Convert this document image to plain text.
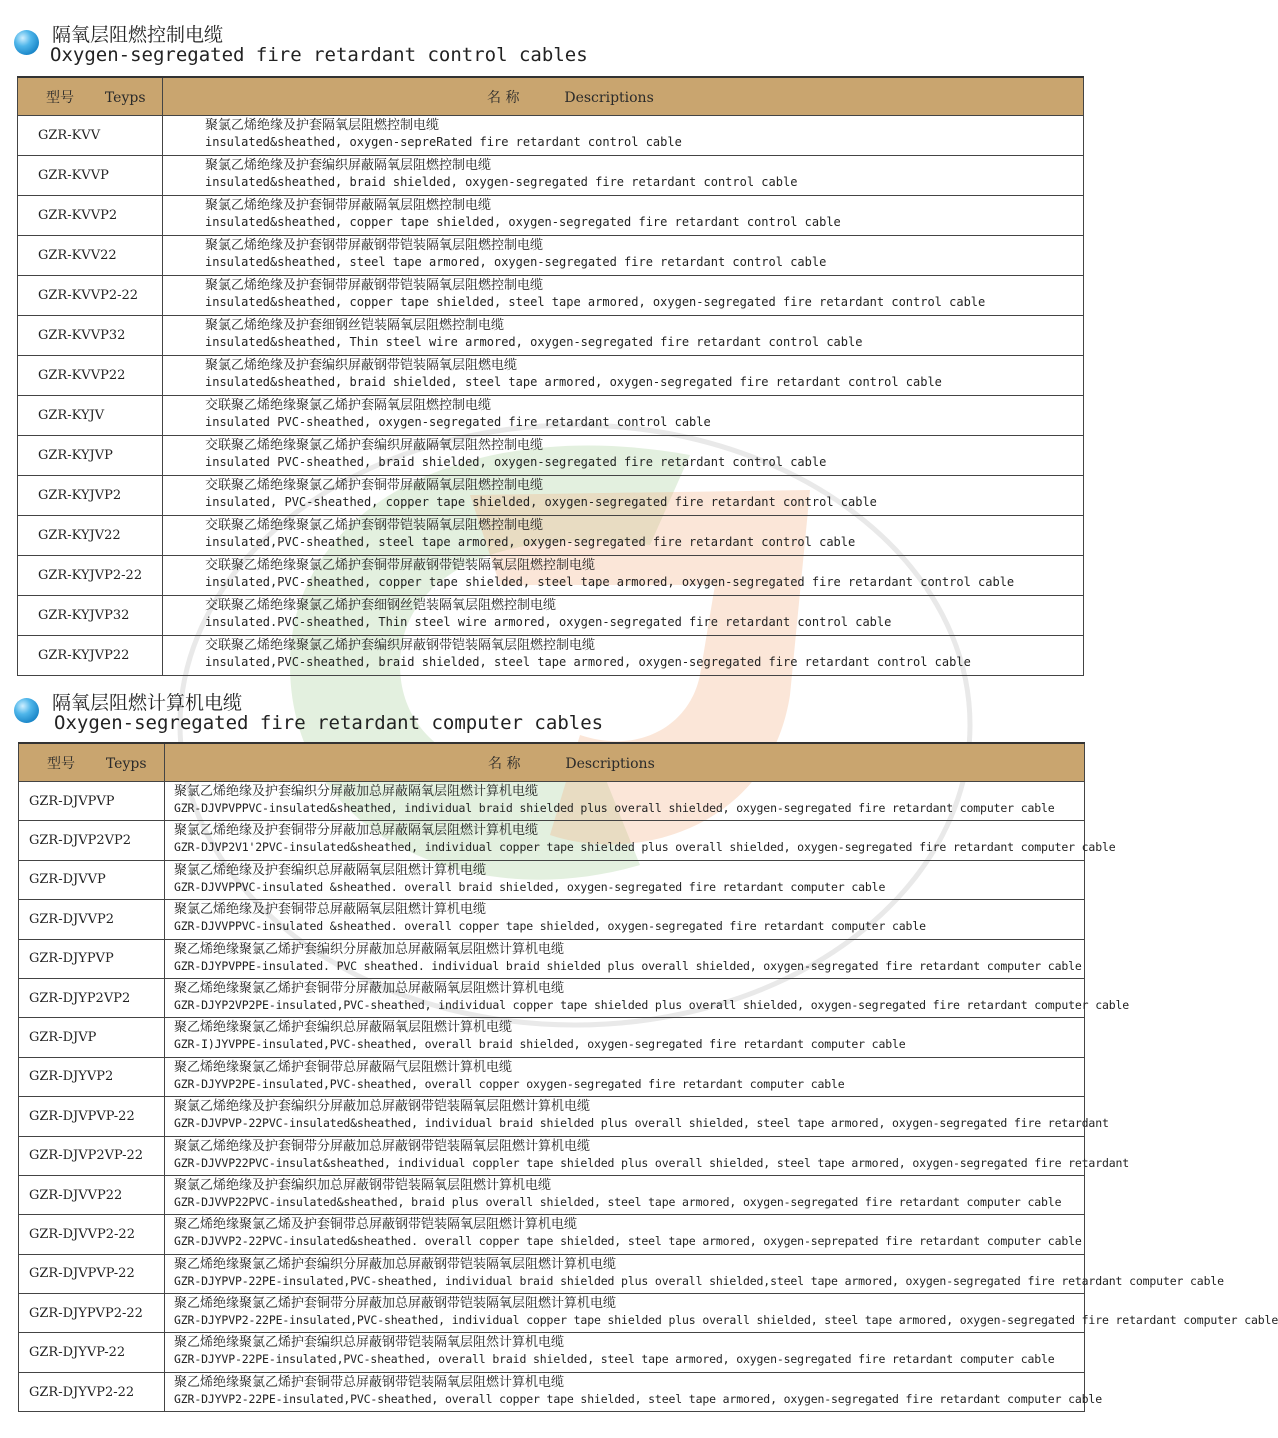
隔氧层阻燃控制电缆
Oxygen-segregated fire retardant control cables
型号 Teyps	名 称 Descriptions
GZR-KVV	聚氯乙烯绝缘及护套隔氧层阻燃控制电缆
insulated&sheathed, oxygen-sepreRated fire retardant control cable

GZR-KVVP	聚氯乙烯绝缘及护套编织屏蔽隔氧层阻燃控制电缆
insulated&sheathed, braid shielded, oxygen-segregated fire retardant control cable

GZR-KVVP2	聚氯乙烯绝缘及护套铜带屏蔽隔氧层阻燃控制电缆
insulated&sheathed, copper tape shielded, oxygen-segregated fire retardant control cable

GZR-KVV22	聚氯乙烯绝缘及护套钢带屏蔽钢带铠装隔氧层阻燃控制电缆
insulated&sheathed, steel tape armored, oxygen-segregated fire retardant control cable

GZR-KVVP2-22	聚氯乙烯绝缘及护套铜带屏蔽钢带铠装隔氧层阻燃控制电缆
insulated&sheathed, copper tape shielded, steel tape armored, oxygen-segregated fire retardant control cable

GZR-KVVP32	聚氯乙烯绝缘及护套细钢丝铠装隔氧层阻燃控制电缆
insulated&sheathed, Thin steel wire armored, oxygen-segregated fire retardant control cable

GZR-KVVP22	聚氯乙烯绝缘及护套编织屏蔽钢带铠装隔氧层阻燃电缆
insulated&sheathed, braid shielded, steel tape armored, oxygen-segregated fire retardant control cable

GZR-KYJV	交联聚乙烯绝缘聚氯乙烯护套隔氧层阻燃控制电缆
insulated PVC-sheathed, oxygen-segregated fire retardant control cable

GZR-KYJVP	交联聚乙烯绝缘聚氯乙烯护套编织屏蔽隔氧层阻然控制电缆
insulated PVC-sheathed, braid shielded, oxygen-segregated fire retardant control cable

GZR-KYJVP2	交联聚乙烯绝缘聚氯乙烯护套铜带屏蔽隔氧层阻燃控制电缆
insulated, PVC-sheathed, copper tape shielded, oxygen-segregated fire retardant control cable

GZR-KYJV22	交联聚乙烯绝缘聚氯乙烯护套钢带铠装隔氧层阻燃控制电缆
insulated,PVC-sheathed, steel tape armored, oxygen-segregated fire retardant control cable

GZR-KYJVP2-22	交联聚乙烯绝缘聚氯乙烯护套铜带屏蔽钢带铠装隔氧层阻燃控制电缆
insulated,PVC-sheathed, copper tape shielded, steel tape armored, oxygen-segregated fire retardant control cable

GZR-KYJVP32	交联聚乙烯绝缘聚氯乙烯护套细钢丝铠装隔氧层阻燃控制电缆
insulated.PVC-sheathed, Thin steel wire armored, oxygen-segregated fire retardant control cable

GZR-KYJVP22	交联聚乙烯绝缘聚氯乙烯护套编织屏蔽钢带铠装隔氧层阻燃控制电缆
insulated,PVC-sheathed, braid shielded, steel tape armored, oxygen-segregated fire retardant control cable
隔氧层阻燃计算机电缆
Oxygen-segregated fire retardant computer cables
型号 Teyps	名 称 Descriptions
GZR-DJVPVP	聚氯乙烯绝缘及护套编织分屏蔽加总屏蔽隔氧层阻燃计算机电缆
GZR-DJVPVPPVC-insulated&sheathed, individual braid shielded plus overall shielded, oxygen-segregated fire retardant computer cable

GZR-DJVP2VP2	聚氯乙烯绝缘及护套铜带分屏蔽加总屏蔽隔氧层阻燃计算机电缆
GZR-DJVP2V1'2PVC-insulated&sheathed, individual copper tape shielded plus overall shielded, oxygen-segregated fire retardant computer cable

GZR-DJVVP	聚氯乙烯绝缘及护套编织总屏蔽隔氧层阻燃计算机电缆
GZR-DJVVPPVC-insulated &sheathed. overall braid shielded, oxygen-segregated fire retardant computer cable

GZR-DJVVP2	聚氯乙烯绝缘及护套铜带总屏蔽隔氧层阻燃计算机电缆
GZR-DJVVPPVC-insulated &sheathed. overall copper tape shielded, oxygen-segregated fire retardant computer cable

GZR-DJYPVP	聚乙烯绝缘聚氯乙烯护套编织分屏蔽加总屏蔽隔氧层阻燃计算机电缆
GZR-DJYPVPPE-insulated. PVC sheathed. individual braid shielded plus overall shielded, oxygen-segregated fire retardant computer cable

GZR-DJYP2VP2	聚乙烯绝缘聚氯乙烯护套铜带分屏蔽加总屏蔽隔氧层阻燃计算机电缆
GZR-DJYP2VP2PE-insulated,PVC-sheathed, individual copper tape shielded plus overall shielded, oxygen-segregated fire retardant computer cable

GZR-DJVP	聚乙烯绝缘聚氯乙烯护套编织总屏蔽隔氧层阻燃计算机电缆
GZR-I)JYVPPE-insulated,PVC-sheathed, overall braid shielded, oxygen-segregated fire retardant computer cable

GZR-DJYVP2	聚乙烯绝缘聚氯乙烯护套铜带总屏蔽隔气层阻燃计算机电缆
GZR-DJYVP2PE-insulated,PVC-sheathed, overall copper oxygen-segregated fire retardant computer cable

GZR-DJVPVP-22	聚氯乙烯绝缘及护套编织分屏蔽加总屏蔽钢带铠装隔氧层阻燃计算机电缆
GZR-DJVPVP-22PVC-insulated&sheathed, individual braid shielded plus overall shielded, steel tape armored, oxygen-segregated fire retardant

GZR-DJVP2VP-22	聚氯乙烯绝缘及护套铜带分屏蔽加总屏蔽钢带铠装隔氧层阻燃计算机电缆
GZR-DJVVP22PVC-insulat&sheathed, individual coppler tape shielded plus overall shielded, steel tape armored, oxygen-segregated fire retardant

GZR-DJVVP22	聚氯乙烯绝缘及护套编织加总屏蔽钢带铠装隔氧层阻燃计算机电缆
GZR-DJVVP22PVC-insulated&sheathed, braid plus overall shielded, steel tape armored, oxygen-segregated fire retardant computer cable

GZR-DJVVP2-22	聚乙烯绝缘聚氯乙烯及护套铜带总屏蔽钢带铠装隔氧层阻燃计算机电缆
GZR-DJVVP2-22PVC-insulated&sheathed. overall copper tape shielded, steel tape armored, oxygen-seprepated fire retardant computer cable

GZR-DJVPVP-22	聚乙烯绝缘聚氯乙烯护套编织分屏蔽加总屏蔽钢带铠装隔氧层阻燃计算机电缆
GZR-DJYPVP-22PE-insulated,PVC-sheathed, individual braid shielded plus overall shielded,steel tape armored, oxygen-segregated fire retardant computer cable

GZR-DJYPVP2-22	聚乙烯绝缘聚氯乙烯护套铜带分屏蔽加总屏蔽钢带铠装隔氧层阻燃计算机电缆
GZR-DJYPVP2-22PE-insulated,PVC-sheathed, individual copper tape shielded plus overall shielded, steel tape armored, oxygen-segregated fire retardant computer cable

GZR-DJYVP-22	聚乙烯绝缘聚氯乙烯护套编织总屏蔽钢带铠装隔氧层阻然计算机电缆
GZR-DJYVP-22PE-insulated,PVC-sheathed, overall braid shielded, steel tape armored, oxygen-segregated fire retardant computer cable

GZR-DJYVP2-22	聚乙烯绝缘聚氯乙烯护套铜带总屏蔽钢带铠装隔氧层阻燃计算机电缆
GZR-DJYVP2-22PE-insulated,PVC-sheathed, overall copper tape shielded, steel tape armored, oxygen-segregated fire retardant computer cable
